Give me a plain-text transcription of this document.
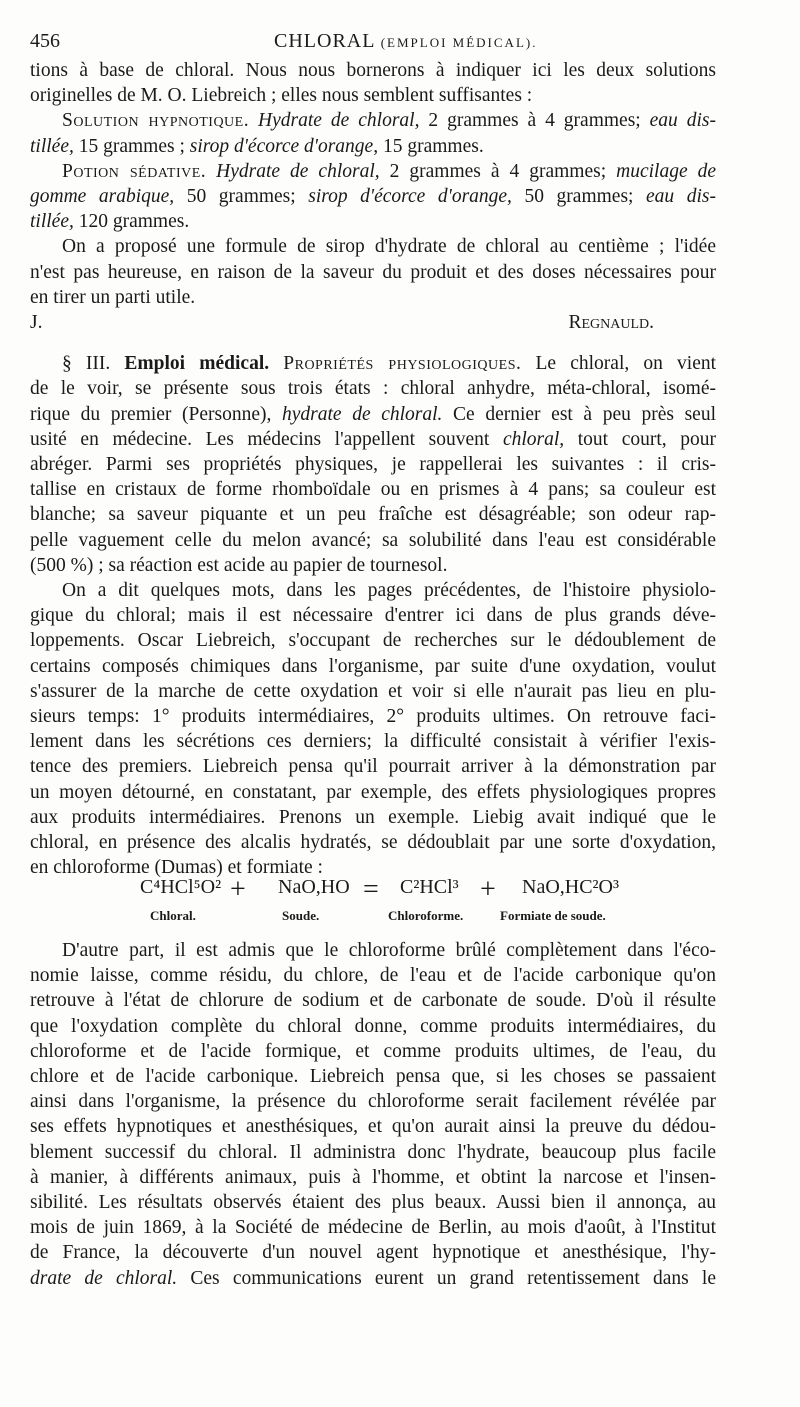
456	CHLORAL (EMPLOI MÉDICAL).

tions à base de chloral. Nous nous bornerons à indiquer ici les deux solutions

originelles de M. O. Liebreich ; elles nous semblent suffisantes :

Solution hypnotique. Hydrate de chloral, 2 grammes à 4 grammes; eau dis-

tillée, 15 grammes ; sirop d'écorce d'orange, 15 grammes.

Potion sédative. Hydrate de chloral, 2 grammes à 4 grammes; mucilage de

gomme arabique, 50 grammes; sirop d'écorce d'orange, 50 grammes; eau dis-

tillée, 120 grammes.

On a proposé une formule de sirop d'hydrate de chloral au centième ; l'idée

n'est pas heureuse, en raison de la saveur du produit et des doses nécessaires pour

en tirer un parti utile.

J. Regnauld.

§ III. Emploi médical. Propriétés physiologiques. Le chloral, on vient

de le voir, se présente sous trois états : chloral anhydre, méta-chloral, isomé-

rique du premier (Personne), hydrate de chloral. Ce dernier est à peu près seul

usité en médecine. Les médecins l'appellent souvent chloral, tout court, pour

abréger. Parmi ses propriétés physiques, je rappellerai les suivantes : il cris-

tallise en cristaux de forme rhomboïdale ou en prismes à 4 pans; sa couleur est

blanche; sa saveur piquante et un peu fraîche est désagréable; son odeur rap-

pelle vaguement celle du melon avancé; sa solubilité dans l'eau est considérable

(500 %) ; sa réaction est acide au papier de tournesol.

On a dit quelques mots, dans les pages précédentes, de l'histoire physiolo-

gique du chloral; mais il est nécessaire d'entrer ici dans de plus grands déve-

loppements. Oscar Liebreich, s'occupant de recherches sur le dédoublement de

certains composés chimiques dans l'organisme, par suite d'une oxydation, voulut

s'assurer de la marche de cette oxydation et voir si elle n'aurait pas lieu en plu-

sieurs temps: 1° produits intermédiaires, 2° produits ultimes. On retrouve faci-

lement dans les sécrétions ces derniers; la difficulté consistait à vérifier l'exis-

tence des premiers. Liebreich pensa qu'il pourrait arriver à la démonstration par

un moyen détourné, en constatant, par exemple, des effets physiologiques propres

aux produits intermédiaires. Prenons un exemple. Liebig avait indiqué que le

chloral, en présence des alcalis hydratés, se dédoublait par une sorte d'oxydation,

en chloroforme (Dumas) et formiate :

C⁴HCl⁵O² + NaO,HO = C²HCl³ + NaO,HC²O³
Chloral.	Soude.	Chloroforme.	Formiate de soude.

D'autre part, il est admis que le chloroforme brûlé complètement dans l'éco-

nomie laisse, comme résidu, du chlore, de l'eau et de l'acide carbonique qu'on

retrouve à l'état de chlorure de sodium et de carbonate de soude. D'où il résulte

que l'oxydation complète du chloral donne, comme produits intermédiaires, du

chloroforme et de l'acide formique, et comme produits ultimes, de l'eau, du

chlore et de l'acide carbonique. Liebreich pensa que, si les choses se passaient

ainsi dans l'organisme, la présence du chloroforme serait facilement révélée par

ses effets hypnotiques et anesthésiques, et qu'on aurait ainsi la preuve du dédou-

blement successif du chloral. Il administra donc l'hydrate, beaucoup plus facile

à manier, à différents animaux, puis à l'homme, et obtint la narcose et l'insen-

sibilité. Les résultats observés étaient des plus beaux. Aussi bien il annonça, au

mois de juin 1869, à la Société de médecine de Berlin, au mois d'août, à l'Institut

de France, la découverte d'un nouvel agent hypnotique et anesthésique, l'hy-

drate de chloral. Ces communications eurent un grand retentissement dans le
